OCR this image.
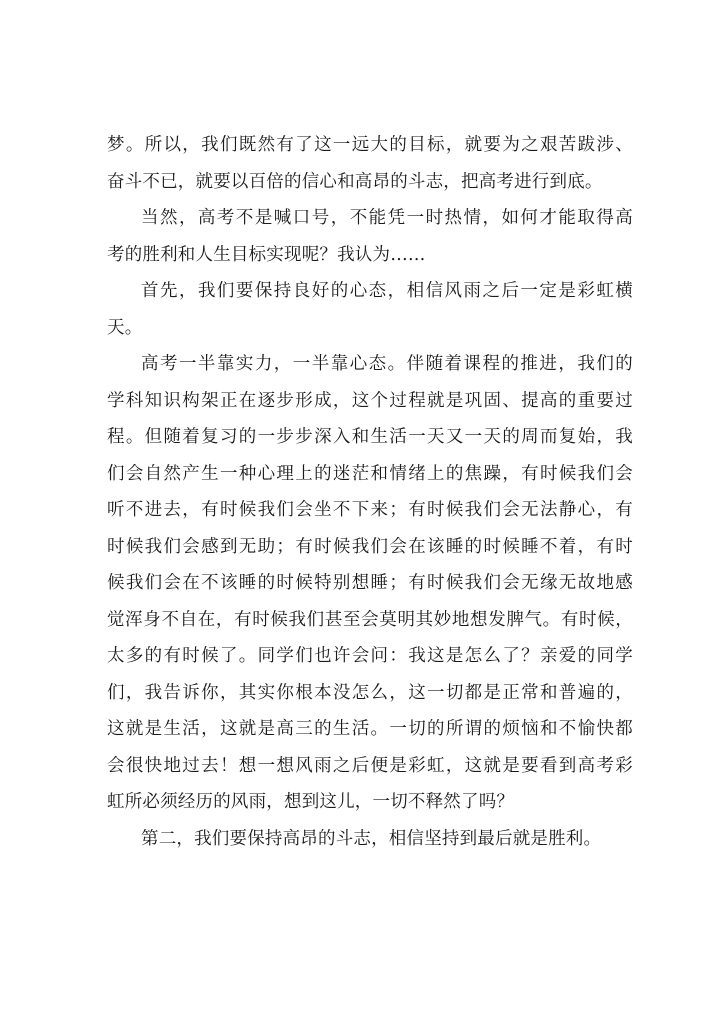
梦。所以，我们既然有了这一远大的目标，就要为之艰苦跋涉、
奋斗不已，就要以百倍的信心和高昂的斗志，把高考进行到底。
当然，高考不是喊口号，不能凭一时热情，如何才能取得高
考的胜利和人生目标实现呢？我认为……
首先，我们要保持良好的心态，相信风雨之后一定是彩虹横
天。
高考一半靠实力，一半靠心态。伴随着课程的推进，我们的
学科知识构架正在逐步形成，这个过程就是巩固、提高的重要过
程。但随着复习的一步步深入和生活一天又一天的周而复始，我
们会自然产生一种心理上的迷茫和情绪上的焦躁，有时候我们会
听不进去，有时候我们会坐不下来；有时候我们会无法静心，有
时候我们会感到无助；有时候我们会在该睡的时候睡不着，有时
候我们会在不该睡的时候特别想睡；有时候我们会无缘无故地感
觉浑身不自在，有时候我们甚至会莫明其妙地想发脾气。有时候，
太多的有时候了。同学们也许会问：我这是怎么了？亲爱的同学
们，我告诉你，其实你根本没怎么，这一切都是正常和普遍的，
这就是生活，这就是高三的生活。一切的所谓的烦恼和不愉快都
会很快地过去！想一想风雨之后便是彩虹，这就是要看到高考彩
虹所必须经历的风雨，想到这儿，一切不释然了吗？
第二，我们要保持高昂的斗志，相信坚持到最后就是胜利。
